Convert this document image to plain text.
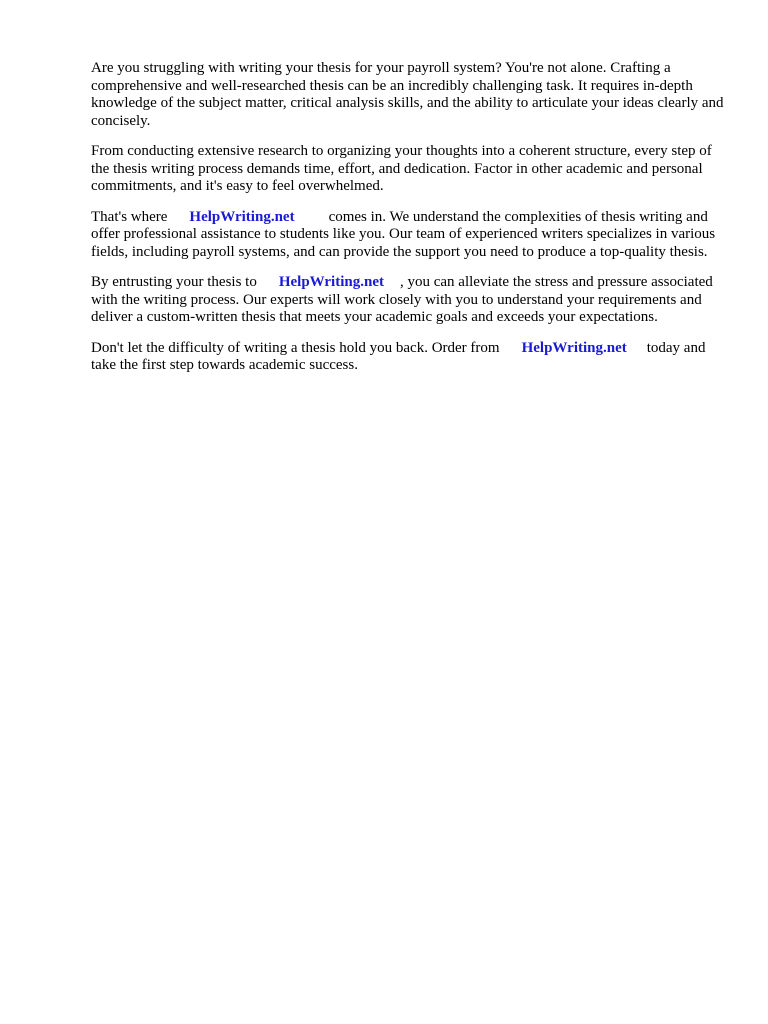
Are you struggling with writing your thesis for your payroll system? You're not alone. Crafting a comprehensive and well-researched thesis can be an incredibly challenging task. It requires in-depth knowledge of the subject matter, critical analysis skills, and the ability to articulate your ideas clearly and concisely.

From conducting extensive research to organizing your thoughts into a coherent structure, every step of the thesis writing process demands time, effort, and dedication. Factor in other academic and personal commitments, and it's easy to feel overwhelmed.

That's where HelpWriting.net comes in. We understand the complexities of thesis writing and offer professional assistance to students like you. Our team of experienced writers specializes in various fields, including payroll systems, and can provide the support you need to produce a top-quality thesis.

By entrusting your thesis to HelpWriting.net , you can alleviate the stress and pressure associated with the writing process. Our experts will work closely with you to understand your requirements and deliver a custom-written thesis that meets your academic goals and exceeds your expectations.

Don't let the difficulty of writing a thesis hold you back. Order from HelpWriting.net today and take the first step towards academic success.
